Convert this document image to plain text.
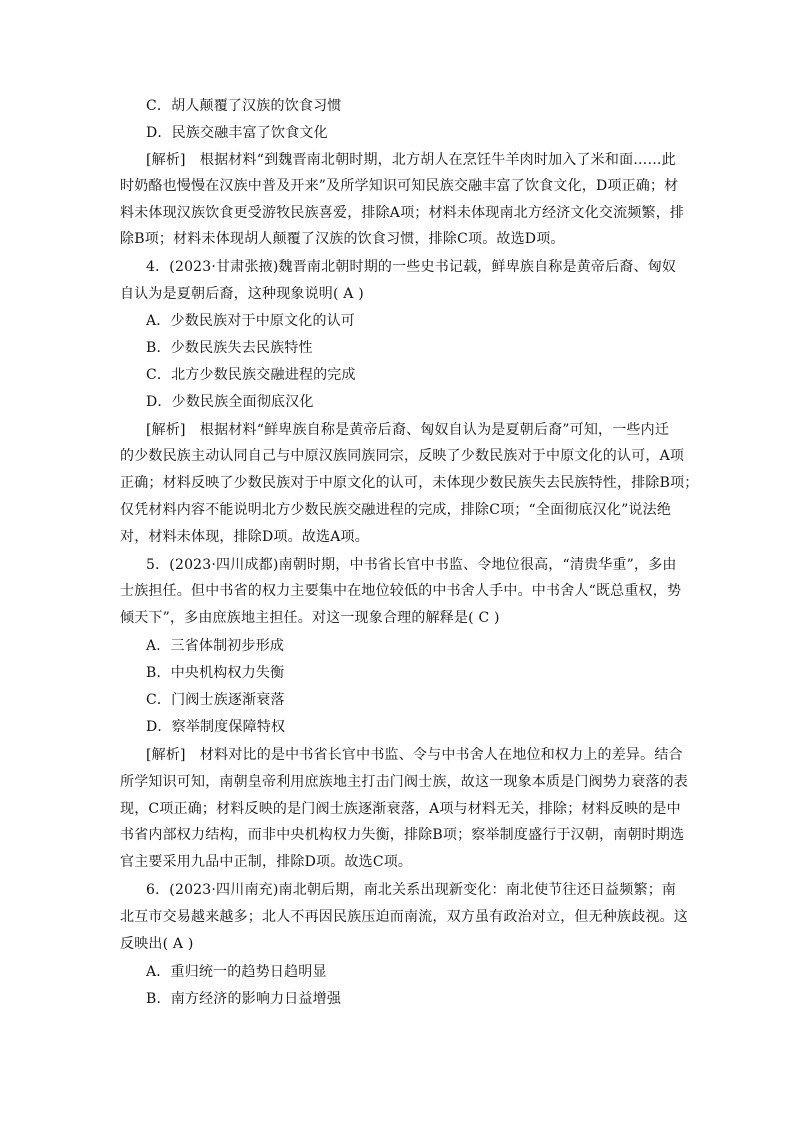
C．胡人颠覆了汉族的饮食习惯
D．民族交融丰富了饮食文化
[解析]　根据材料“到魏晋南北朝时期，北方胡人在烹饪牛羊肉时加入了米和面……此
时奶酪也慢慢在汉族中普及开来”及所学知识可知民族交融丰富了饮食文化，D项正确；材
料未体现汉族饮食更受游牧民族喜爱，排除A项；材料未体现南北方经济文化交流频繁，排
除B项；材料未体现胡人颠覆了汉族的饮食习惯，排除C项。故选D项。
4．(2023·甘肃张掖)魏晋南北朝时期的一些史书记载，鲜卑族自称是黄帝后裔、匈奴
自认为是夏朝后裔，这种现象说明( A )
A．少数民族对于中原文化的认可
B．少数民族失去民族特性
C．北方少数民族交融进程的完成
D．少数民族全面彻底汉化
[解析]　根据材料“鲜卑族自称是黄帝后裔、匈奴自认为是夏朝后裔”可知，一些内迁
的少数民族主动认同自己与中原汉族同族同宗，反映了少数民族对于中原文化的认可，A项
正确；材料反映了少数民族对于中原文化的认可，未体现少数民族失去民族特性，排除B项；
仅凭材料内容不能说明北方少数民族交融进程的完成，排除C项；“全面彻底汉化”说法绝
对，材料未体现，排除D项。故选A项。
5．(2023·四川成都)南朝时期，中书省长官中书监、令地位很高，“清贵华重”，多由
士族担任。但中书省的权力主要集中在地位较低的中书舍人手中。中书舍人“既总重权，势
倾天下”，多由庶族地主担任。对这一现象合理的解释是( C )
A．三省体制初步形成
B．中央机构权力失衡
C．门阀士族逐渐衰落
D．察举制度保障特权
[解析]　材料对比的是中书省长官中书监、令与中书舍人在地位和权力上的差异。结合
所学知识可知，南朝皇帝利用庶族地主打击门阀士族，故这一现象本质是门阀势力衰落的表
现，C项正确；材料反映的是门阀士族逐渐衰落，A项与材料无关，排除；材料反映的是中
书省内部权力结构，而非中央机构权力失衡，排除B项；察举制度盛行于汉朝，南朝时期选
官主要采用九品中正制，排除D项。故选C项。
6．(2023·四川南充)南北朝后期，南北关系出现新变化：南北使节往还日益频繁；南
北互市交易越来越多；北人不再因民族压迫而南流，双方虽有政治对立，但无种族歧视。这
反映出( A )
A．重归统一的趋势日趋明显
B．南方经济的影响力日益增强
